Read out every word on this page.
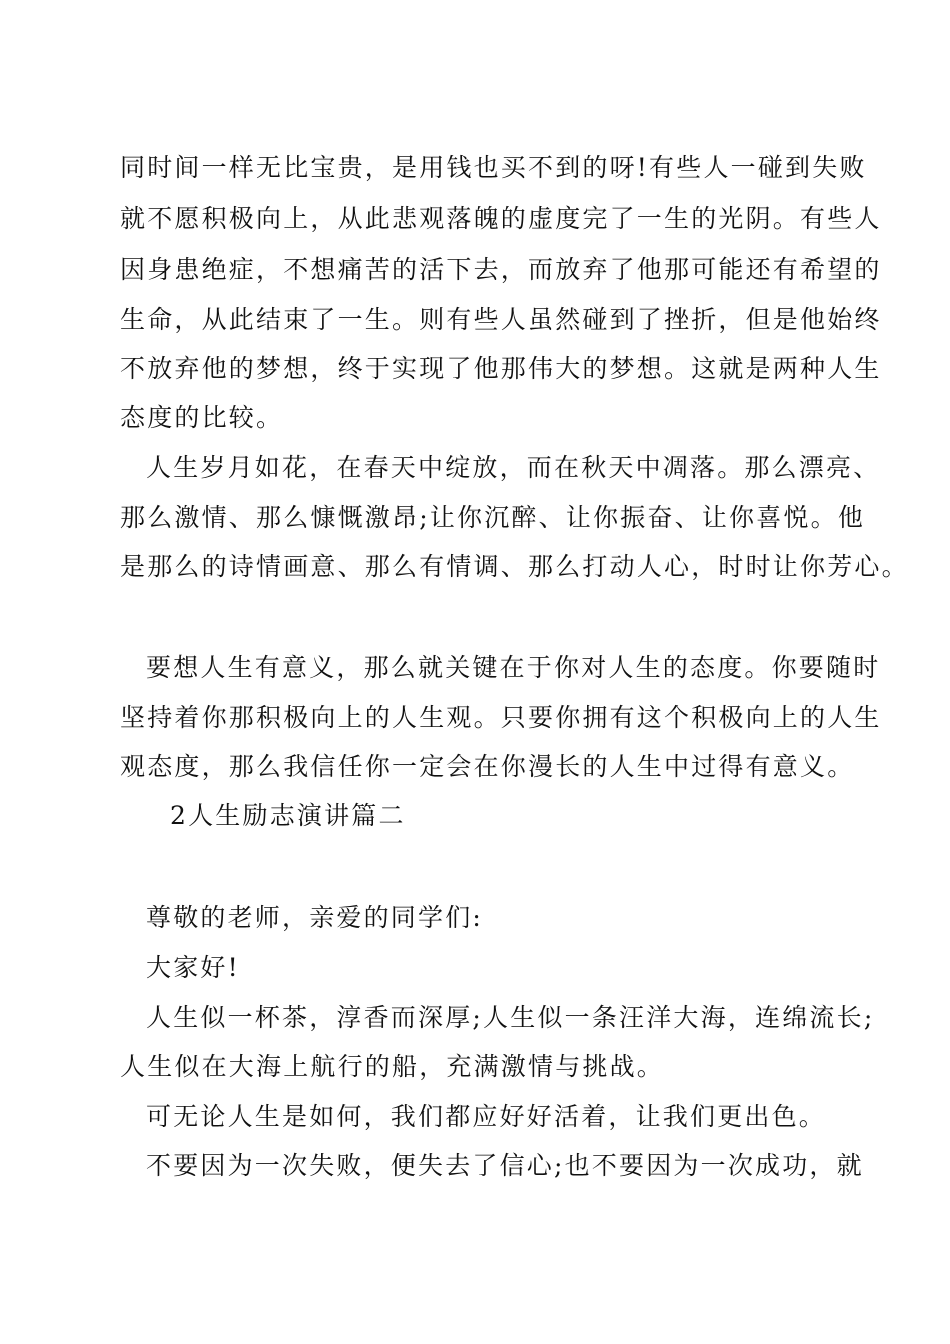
同时间一样无比宝贵，是用钱也买不到的呀!有些人一碰到失败
就不愿积极向上，从此悲观落魄的虚度完了一生的光阴。有些人
因身患绝症，不想痛苦的活下去，而放弃了他那可能还有希望的
生命，从此结束了一生。则有些人虽然碰到了挫折，但是他始终
不放弃他的梦想，终于实现了他那伟大的梦想。这就是两种人生
态度的比较。
人生岁月如花，在春天中绽放，而在秋天中凋落。那么漂亮、
那么激情、那么慷慨激昂;让你沉醉、让你振奋、让你喜悦。他
是那么的诗情画意、那么有情调、那么打动人心，时时让你芳心。
要想人生有意义，那么就关键在于你对人生的态度。你要随时
坚持着你那积极向上的人生观。只要你拥有这个积极向上的人生
观态度，那么我信任你一定会在你漫长的人生中过得有意义。
2人生励志演讲篇二
尊敬的老师，亲爱的同学们:
大家好!
人生似一杯茶，淳香而深厚;人生似一条汪洋大海，连绵流长;
人生似在大海上航行的船，充满激情与挑战。
可无论人生是如何，我们都应好好活着，让我们更出色。
不要因为一次失败，便失去了信心;也不要因为一次成功，就
